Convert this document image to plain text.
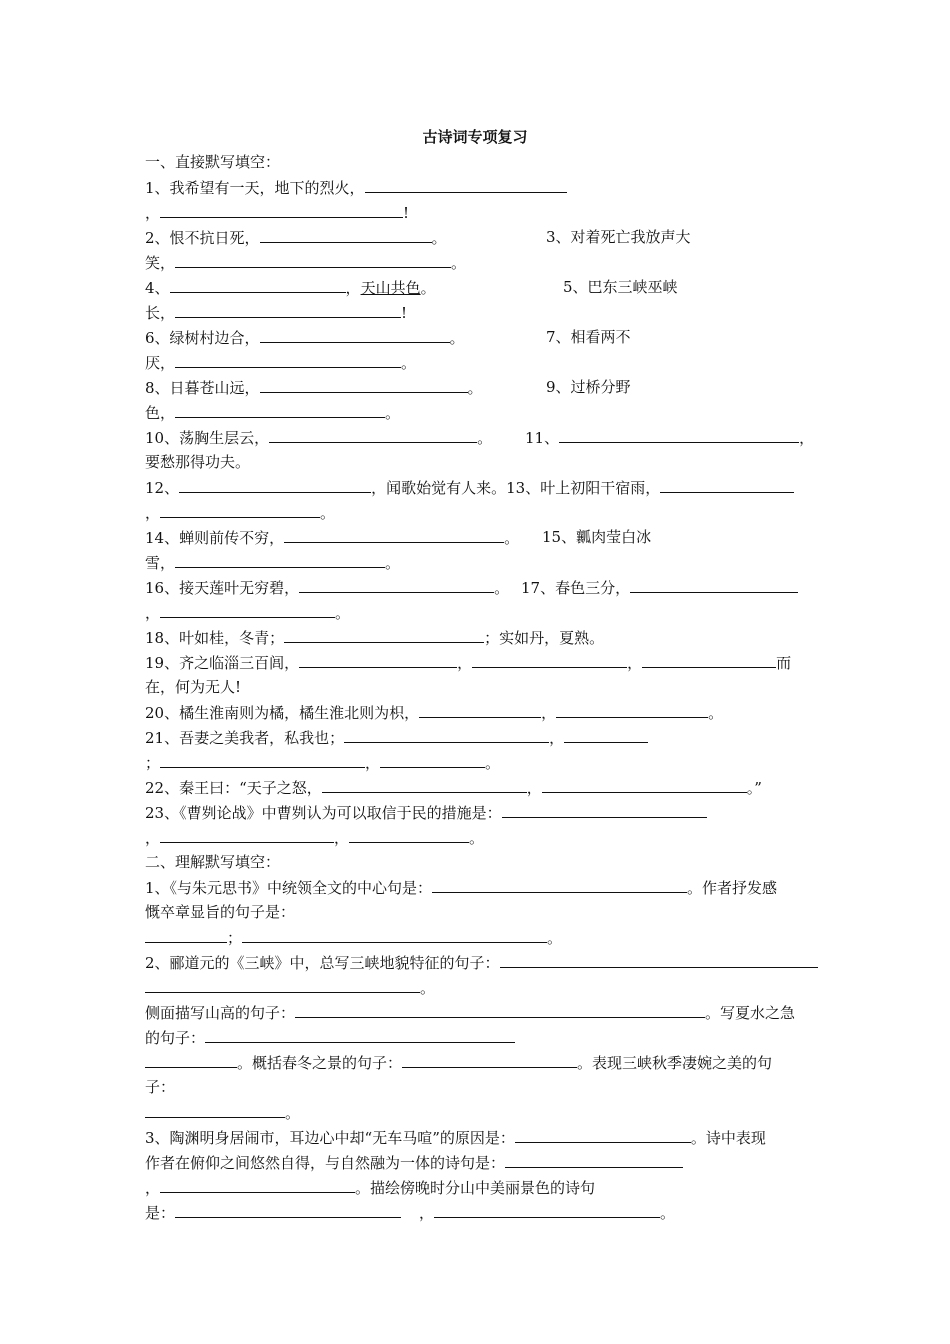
古诗词专项复习
一、直接默写填空：
1、我希望有一天，地下的烈火，
，	!
2、恨不抗日死，	。	3、对着死亡我放声大
笑，	。
4、	，天山共色。	5、巴东三峡巫峡
长，	!
6、绿树村边合，	。	7、相看两不
厌，	。
8、日暮苍山远，	。	9、过桥分野
色，	。
10、荡胸生层云，	。 11、	，
要愁那得功夫。
12、	，闻歌始觉有人来。13、叶上初阳干宿雨，
，	。
14、蝉则前传不穷，	。 15、瓤肉莹白冰
雪，	。
16、接天莲叶无穷碧，	。 17、春色三分，
，	。
18、叶如桂，冬青；	；实如丹，夏熟。
19、齐之临淄三百闾，	，	，	而
在，何为无人!
20、橘生淮南则为橘，橘生淮北则为枳，	，	。
21、吾妻之美我者，私我也；	，
；	，	。
22、秦王曰：“天子之怒，	，	。”
23、《曹刿论战》中曹刿认为可以取信于民的措施是：
，	，	。
二、理解默写填空：
1、《与朱元思书》中统领全文的中心句是：	。作者抒发感
慨卒章显旨的句子是：
；	。
2、郦道元的《三峡》中，总写三峡地貌特征的句子：
。
侧面描写山高的句子：	。写夏水之急
的句子：
。概括春冬之景的句子：	。表现三峡秋季凄婉之美的句
子：
。
3、陶渊明身居闹市，耳边心中却“无车马喧”的原因是：	。诗中表现
作者在俯仰之间悠然自得，与自然融为一体的诗句是：
，	。描绘傍晚时分山中美丽景色的诗句
是：	，	。
